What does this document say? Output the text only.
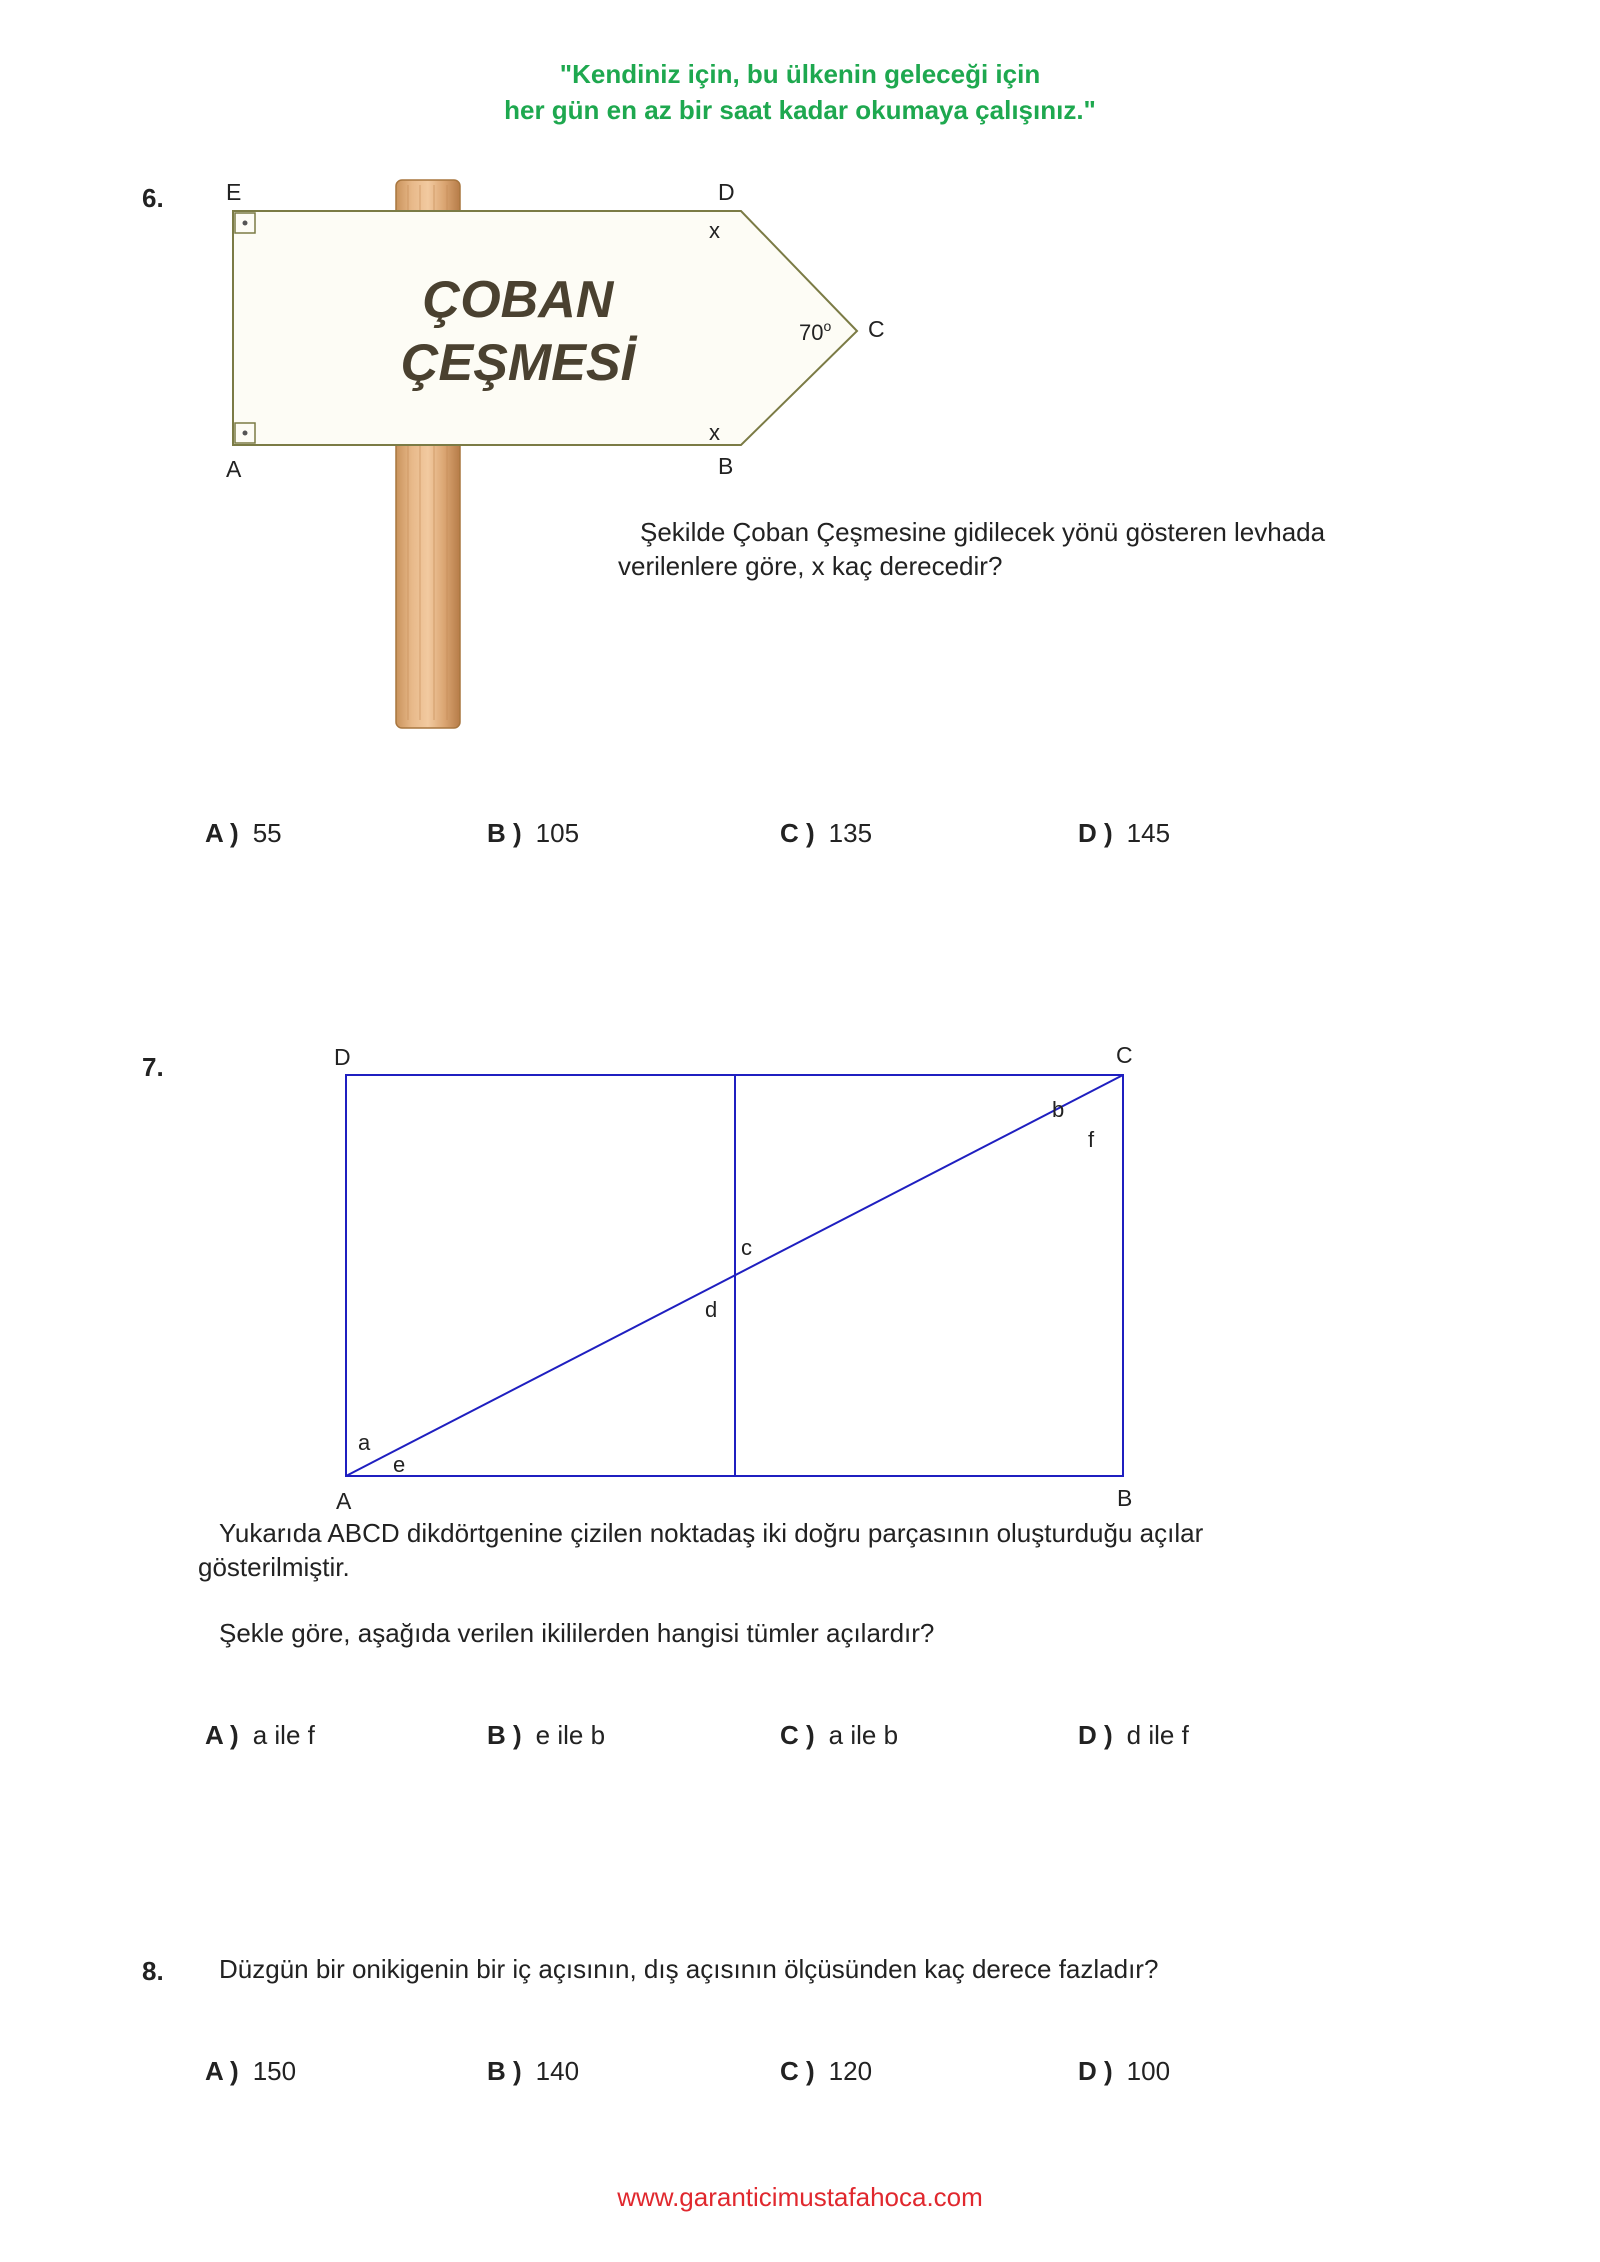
"Kendiniz için, bu ülkenin geleceği için
her gün en az bir saat kadar okumaya çalışınız."
6.
ÇOBAN
ÇEŞMESİ
E	D
A	B
C
x
x
70$^o$
Şekilde Çoban Çeşmesine gidilecek yönü gösteren levhada
verilenlere göre, x kaç derecedir?
A ) 55	B ) 105	C ) 135	D ) 145
7.	D	C
A	B
b
f
c
d
a
e
Yukarıda ABCD dikdörtgenine çizilen noktadaş iki doğru parçasının oluşturduğu açılar
gösterilmiştir.
Şekle göre, aşağıda verilen ikililerden hangisi tümler açılardır?
A ) a ile f	B ) e ile b	C ) a ile b	D ) d ile f
8. Düzgün bir onikigenin bir iç açısının, dış açısının ölçüsünden kaç derece fazladır?
A ) 150	B ) 140	C ) 120	D ) 100
www.garanticimustafahoca.com
